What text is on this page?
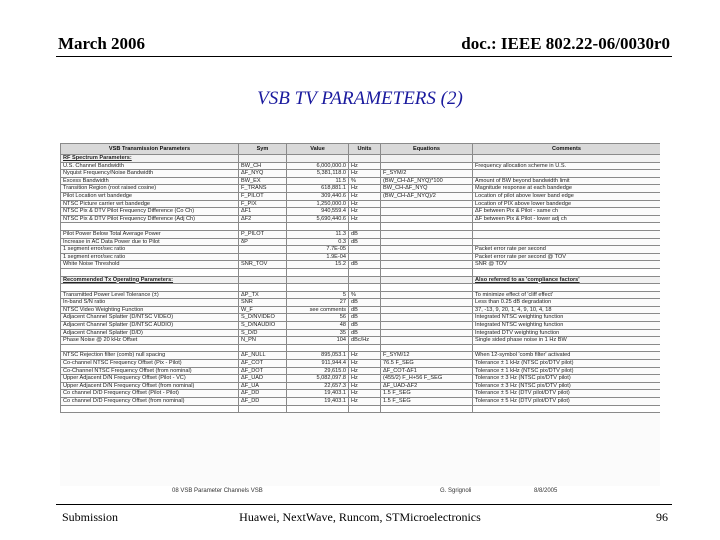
March 2006	doc.: IEEE 802.22-06/0030r0
VSB TV PARAMETERS (2)
VSB Transmission Parameters	Sym	Value	Units	Equations	Comments
RF Spectrum Parameters:					
U.S. Channel Bandwidth	BW_CH	6,000,000.0	Hz		Frequency allocation scheme in U.S.
Nyquist Frequency/Noise Bandwidth	ΔF_NYQ	5,381,118.0	Hz	F_SYM/2	
Excess Bandwidth	BW_EX	11.5	%	(BW_CH-ΔF_NYQ)*100	Amount of BW beyond bandwidth limit
Transition Region (root raised cosine)	F_TRANS	618,881.1	Hz	BW_CH-ΔF_NYQ	Magnitude response at each bandedge
Pilot Location wrt bandedge	F_PILOT	309,440.6	Hz	(BW_CH-ΔF_NYQ)/2	Location of pilot above lower band edge
NTSC Picture carrier wrt bandedge	F_PIX	1,250,000.0	Hz		Location of PIX above lower bandedge
NTSC Pix & DTV Pilot Frequency Difference (Co Ch)	ΔF1	940,559.4	Hz		ΔF between Pix & Pilot - same ch
NTSC Pix & DTV Pilot Frequency Difference (Adj Ch)	ΔF2	5,690,440.6	Hz		ΔF between Pix & Pilot - lower adj ch

Pilot Power Below Total Average Power	P_PILOT	11.3	dB		
Increase in AC Data Power due to Pilot	δP	0.3	dB		
1 segment error/sec ratio		7.7E-05			Packet error rate per second
1 segment error/sec ratio		1.9E-04			Packet error rate per second @ TOV
White Noise Threshold	SNR_TOV	15.2	dB		SNR @ TOV

Recommended Tx Operating Parameters:					Also referred to as 'compliance factors'

Transmitted Power Level Tolerance (±)	ΔP_TX	5	%		To minimize effect of 'cliff effect'
In-band S/N ratio	SNR	27	dB		Less than 0.25 dB degradation
NTSC Video Weighting Function	W_F	see comments	dB		37, -13, 9, 20, 1, 4, 9, 10, 4, 18
Adjacent Channel Splatter (D/NTSC VIDEO)	S_D/NVIDEO	56	dB		Integrated NTSC weighting function
Adjacent Channel Splatter (D/NTSC AUDIO)	S_D/NAUDIO	48	dB		Integrated NTSC weighting function
Adjacent Channel Splatter (D/D)	S_D/D	35	dB		Integrated DTV weighting function
Phase Noise @ 20 kHz Offset	N_PN	104	dBc/Hz		Single sided phase noise in 1 Hz BW

NTSC Rejection filter (comb) null spacing	ΔF_NULL	895,053.1	Hz	F_SYM/12	When 12-symbol 'comb filter' activated
Co-channel NTSC Frequency Offset (Pix - Pilot)	ΔF_COT	911,944.4	Hz	76.5 F_SEG	Tolerance ± 1 kHz (NTSC pix/DTV pilot)
Co-Channel NTSC Frequency Offset (from nominal)	ΔF_DOT	29,615.0	Hz	ΔF_COT-ΔF1	Tolerance ± 1 kHz (NTSC pix/DTV pilot)
Upper Adjacent D/N Frequency Offset (Pilot - VC)	ΔF_UAD	5,082,097.8	Hz	(455/2) F_H+56 F_SEG	Tolerance ± 3 Hz (NTSC pix/DTV pilot)
Upper Adjacent D/N Frequency Offset (from nominal)	ΔF_UA	22,657.3	Hz	ΔF_UAD-ΔF2	Tolerance ± 3 Hz (NTSC pix/DTV pilot)
Co channel D/D Frequency Offset (Pilot - Pilot)	ΔF_DD	19,403.1	Hz	1.5 F_SEG	Tolerance ± 5 Hz (DTV pilot/DTV pilot)
Co channel D/D Frequency Offset (from nominal)	ΔF_DD	19,403.1	Hz	1.5 F_SEG	Tolerance ± 5 Hz (DTV pilot/DTV pilot)

08 VSB Parameter Channels VSB	G. Sgrignoli	8/8/2005
Submission	Huawei, NextWave, Runcom, STMicroelectronics	96
